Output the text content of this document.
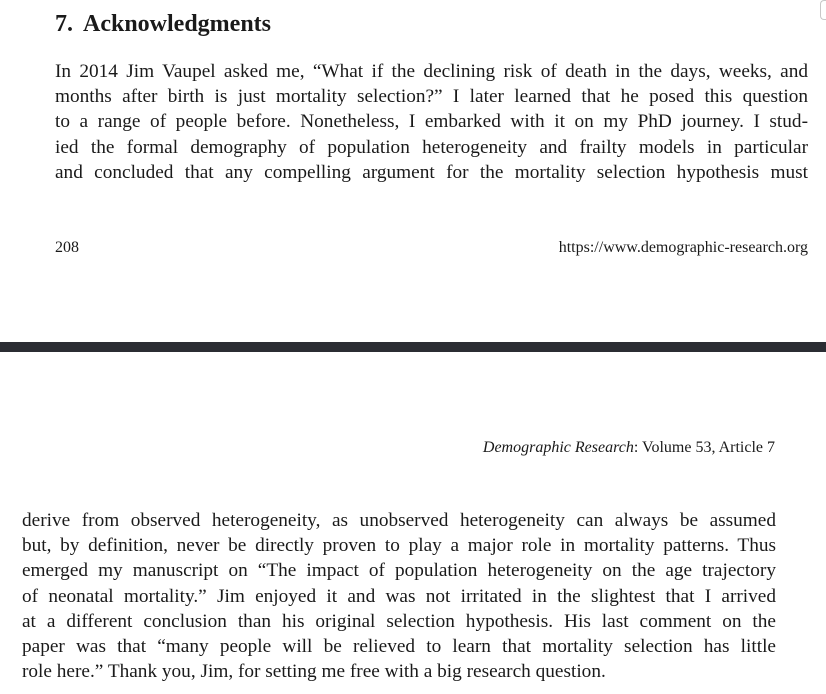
7. Acknowledgments
In 2014 Jim Vaupel asked me, “What if the declining risk of death in the days, weeks, and
months after birth is just mortality selection?” I later learned that he posed this question
to a range of people before. Nonetheless, I embarked with it on my PhD journey. I stud-
ied the formal demography of population heterogeneity and frailty models in particular
and concluded that any compelling argument for the mortality selection hypothesis must
208	https://www.demographic-research.org
Demographic Research: Volume 53, Article 7
derive from observed heterogeneity, as unobserved heterogeneity can always be assumed
but, by definition, never be directly proven to play a major role in mortality patterns. Thus
emerged my manuscript on “The impact of population heterogeneity on the age trajectory
of neonatal mortality.” Jim enjoyed it and was not irritated in the slightest that I arrived
at a different conclusion than his original selection hypothesis. His last comment on the
paper was that “many people will be relieved to learn that mortality selection has little
role here.” Thank you, Jim, for setting me free with a big research question.
